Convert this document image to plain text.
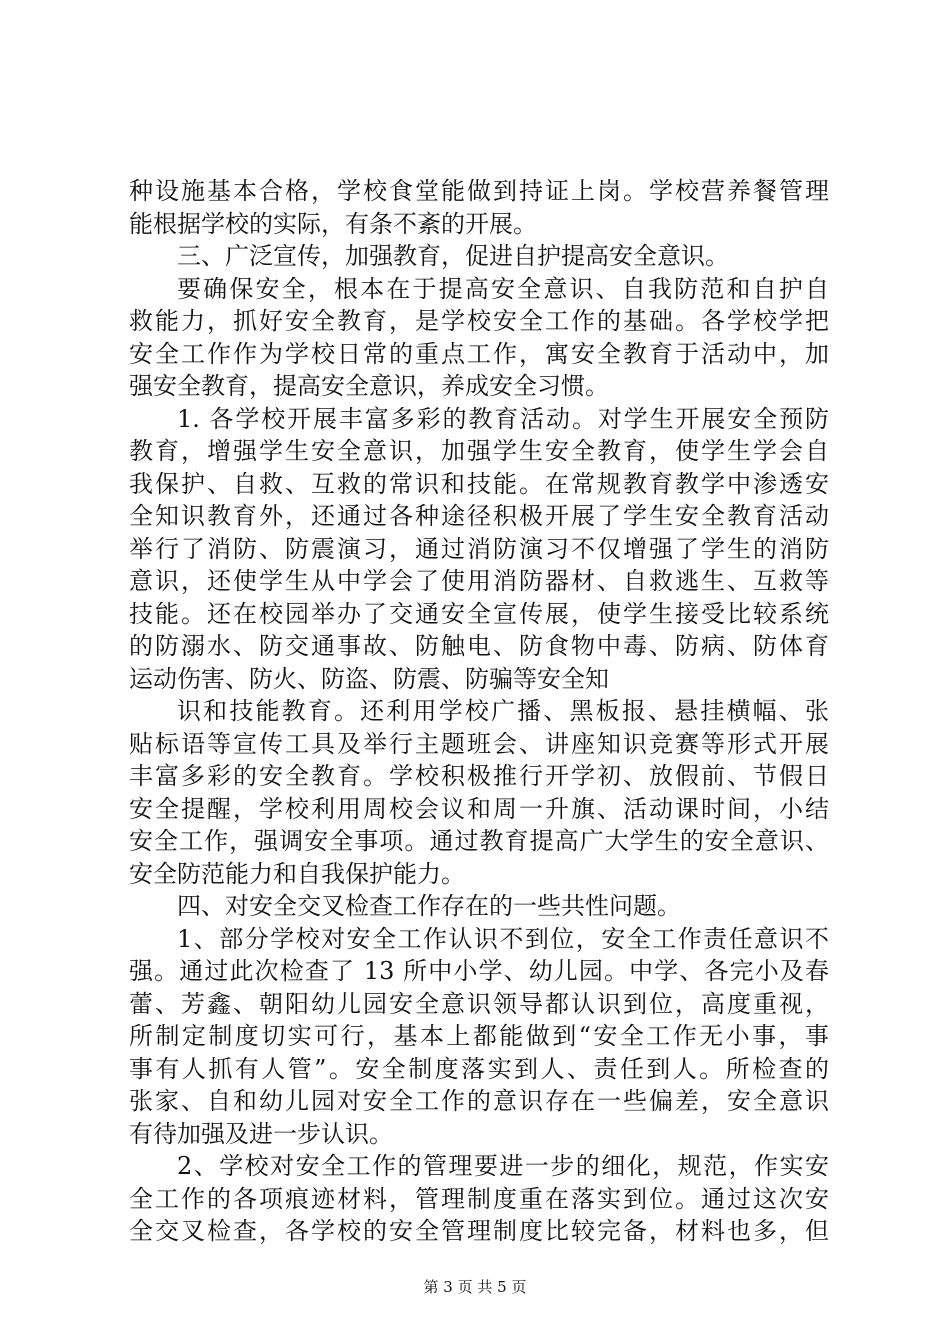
种设施基本合格，学校食堂能做到持证上岗。学校营养餐管理
能根据学校的实际，有条不紊的开展。
三、广泛宣传，加强教育，促进自护提高安全意识。
要确保安全，根本在于提高安全意识、自我防范和自护自
救能力，抓好安全教育，是学校安全工作的基础。各学校学把
安全工作作为学校日常的重点工作，寓安全教育于活动中，加
强安全教育，提高安全意识，养成安全习惯。
1. 各学校开展丰富多彩的教育活动。对学生开展安全预防
教育，增强学生安全意识，加强学生安全教育，使学生学会自
我保护、自救、互救的常识和技能。在常规教育教学中渗透安
全知识教育外，还通过各种途径积极开展了学生安全教育活动
举行了消防、防震演习，通过消防演习不仅增强了学生的消防
意识，还使学生从中学会了使用消防器材、自救逃生、互救等
技能。还在校园举办了交通安全宣传展，使学生接受比较系统
的防溺水、防交通事故、防触电、防食物中毒、防病、防体育
运动伤害、防火、防盗、防震、防骗等安全知
识和技能教育。还利用学校广播、黑板报、悬挂横幅、张
贴标语等宣传工具及举行主题班会、讲座知识竞赛等形式开展
丰富多彩的安全教育。学校积极推行开学初、放假前、节假日
安全提醒，学校利用周校会议和周一升旗、活动课时间，小结
安全工作，强调安全事项。通过教育提高广大学生的安全意识、
安全防范能力和自我保护能力。
四、对安全交叉检查工作存在的一些共性问题。
1、部分学校对安全工作认识不到位，安全工作责任意识不
强。通过此次检查了 13 所中小学、幼儿园。中学、各完小及春
蕾、芳鑫、朝阳幼儿园安全意识领导都认识到位，高度重视，
所制定制度切实可行，基本上都能做到“安全工作无小事，事
事有人抓有人管”。安全制度落实到人、责任到人。所检查的
张家、自和幼儿园对安全工作的意识存在一些偏差，安全意识
有待加强及进一步认识。
2、学校对安全工作的管理要进一步的细化，规范，作实安
全工作的各项痕迹材料，管理制度重在落实到位。通过这次安
全交叉检查，各学校的安全管理制度比较完备，材料也多，但
第 3 页 共 5 页
